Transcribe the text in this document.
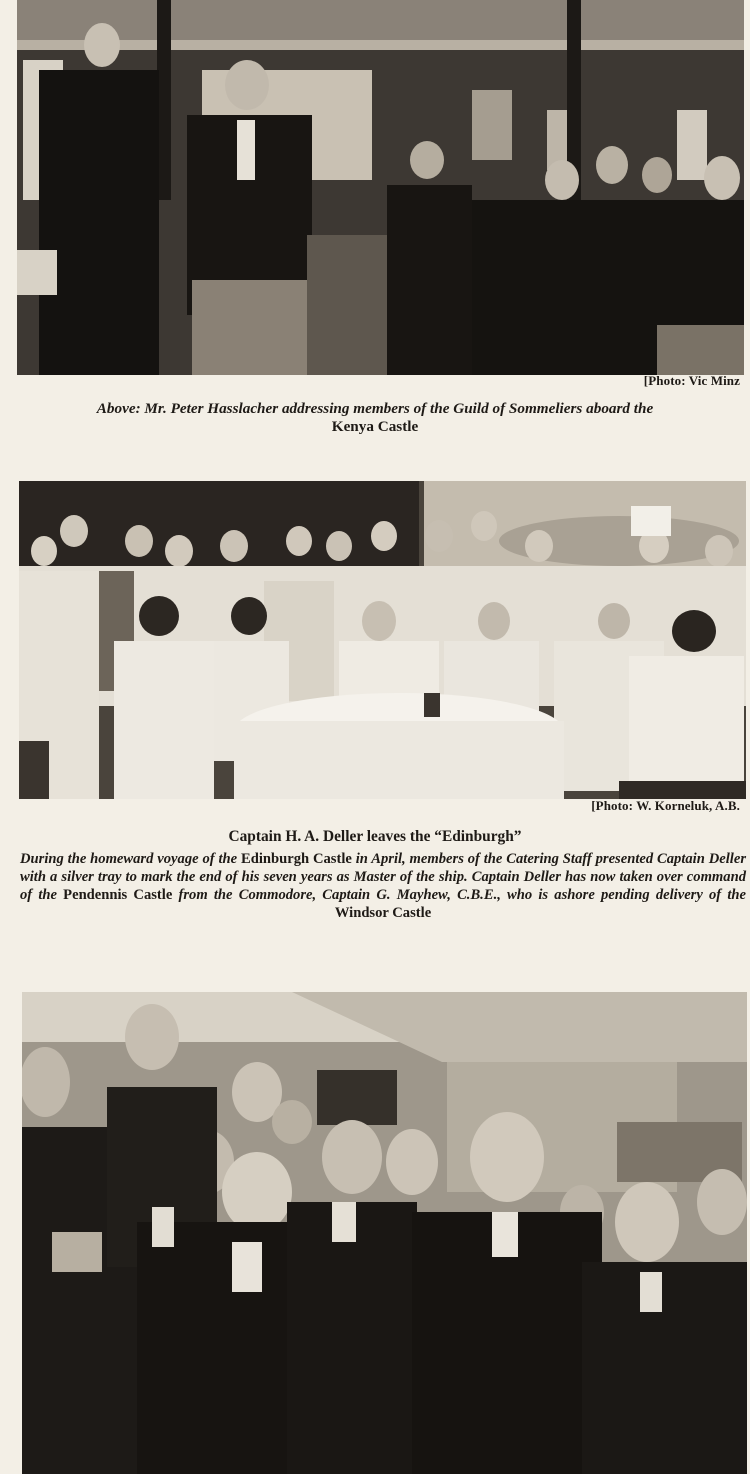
[Photo: Vic Minz
Above: Mr. Peter Hasslacher addressing members of the Guild of Sommeliers aboard the
Kenya Castle
[Photo: W. Korneluk, A.B.
Captain H. A. Deller leaves the “Edinburgh”
During the homeward voyage of the Edinburgh Castle in April, members of the Catering Staff presented Captain Deller with a silver tray to mark the end of his seven years as Master of the ship. Captain Deller has now taken over command of the Pendennis Castle from the Commodore, Captain G. Mayhew, C.B.E., who is ashore pending delivery of the Windsor Castle
